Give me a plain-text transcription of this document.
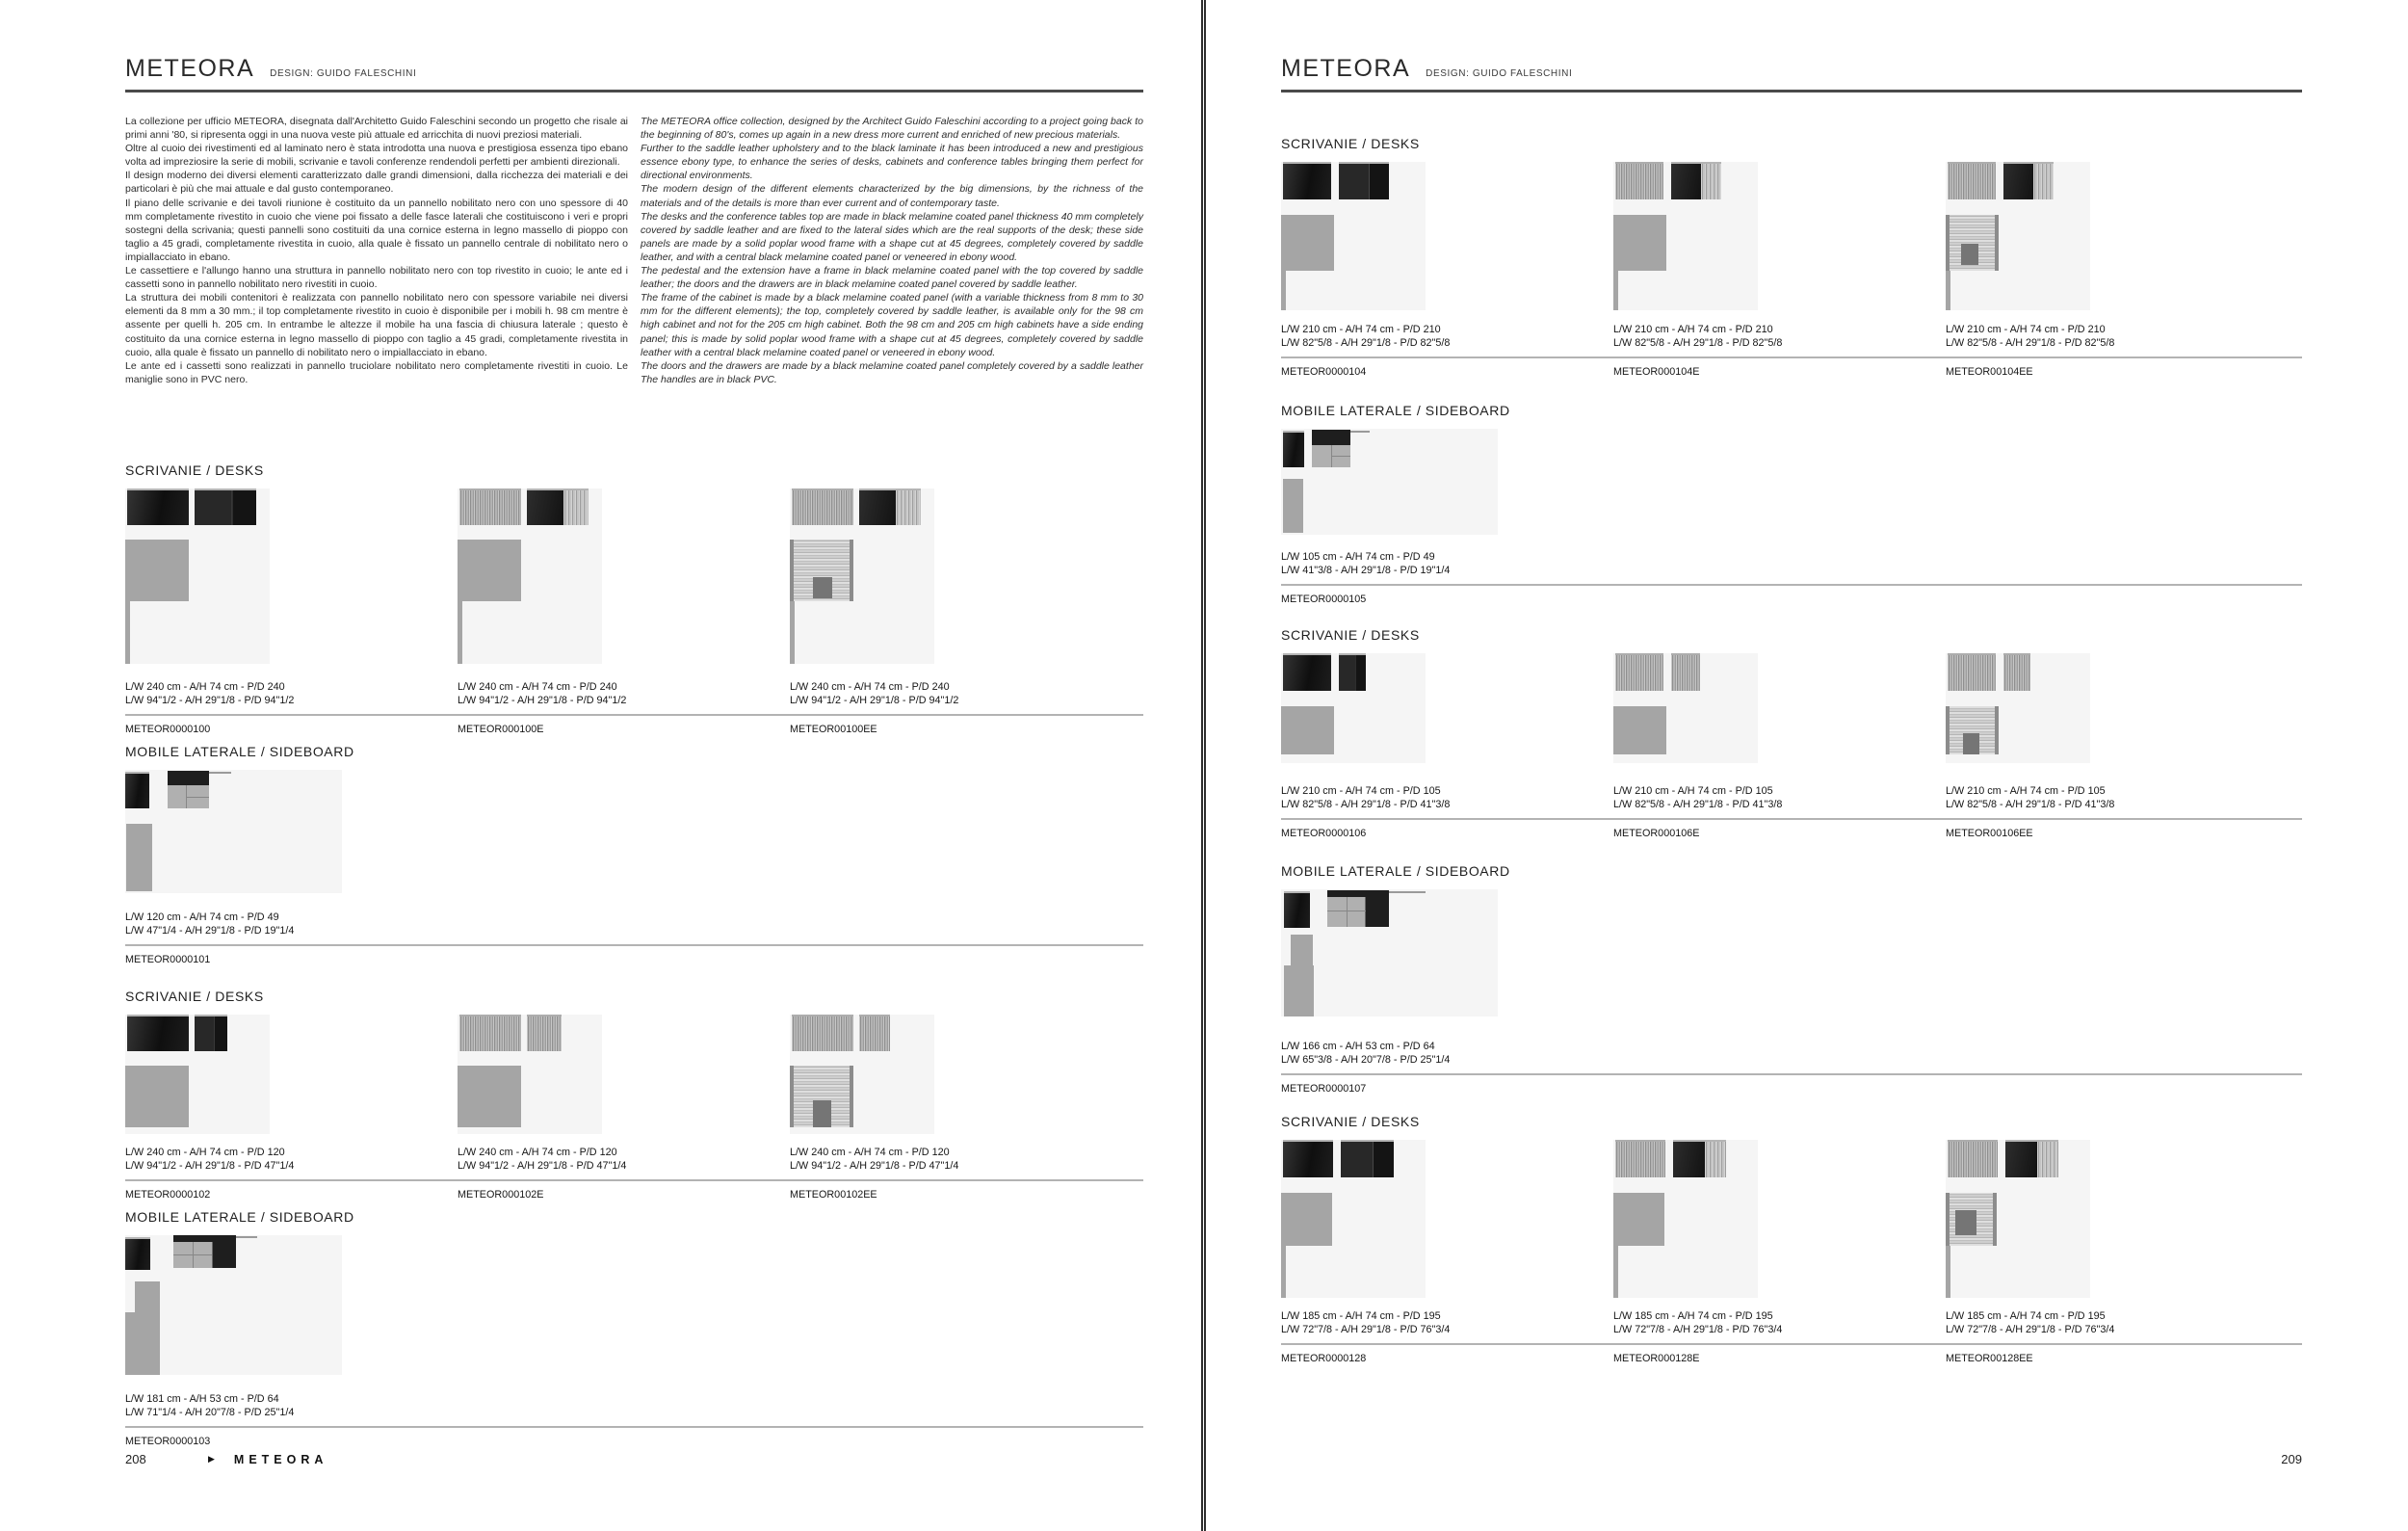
METEORA DESIGN: GUIDO FALESCHINI

La collezione per ufficio METEORA, disegnata dall'Architetto Guido Faleschini secondo un progetto che risale ai primi anni '80, si ripresenta oggi in una nuova veste più attuale ed arricchita di nuovi preziosi materiali.

Oltre al cuoio dei rivestimenti ed al laminato nero è stata introdotta una nuova e prestigiosa essenza tipo ebano volta ad impreziosire la serie di mobili, scrivanie e tavoli conferenze rendendoli perfetti per ambienti direzionali.

Il design moderno dei diversi elementi caratterizzato dalle grandi dimensioni, dalla ricchezza dei materiali e dei particolari è più che mai attuale e dal gusto contemporaneo.

Il piano delle scrivanie e dei tavoli riunione è costituito da un pannello nobilitato nero con uno spessore di 40 mm completamente rivestito in cuoio che viene poi fissato a delle fasce laterali che costituiscono i veri e propri sostegni della scrivania; questi pannelli sono costituiti da una cornice esterna in legno massello di pioppo con taglio a 45 gradi, completamente rivestita in cuoio, alla quale è fissato un pannello centrale di nobilitato nero o impiallacciato in ebano.

Le cassettiere e l'allungo hanno una struttura in pannello nobilitato nero con top rivestito in cuoio; le ante ed i cassetti sono in pannello nobilitato nero rivestiti in cuoio.

La struttura dei mobili contenitori è realizzata con pannello nobilitato nero con spessore variabile nei diversi elementi da 8 mm a 30 mm.; il top completamente rivestito in cuoio è disponibile per i mobili h. 98 cm mentre è assente per quelli h. 205 cm. In entrambe le altezze il mobile ha una fascia di chiusura laterale ; questo è costituito da una cornice esterna in legno massello di pioppo con taglio a 45 gradi, completamente rivestita in cuoio, alla quale è fissato un pannello di nobilitato nero o impiallacciato in ebano.

Le ante ed i cassetti sono realizzati in pannello truciolare nobilitato nero completamente rivestiti in cuoio. Le maniglie sono in PVC nero.

The METEORA office collection, designed by the Architect Guido Faleschini according to a project going back to the beginning of 80's, comes up again in a new dress more current and enriched of new precious materials.

Further to the saddle leather upholstery and to the black laminate it has been introduced a new and prestigious essence ebony type, to enhance the series of desks, cabinets and conference tables bringing them perfect for directional environments.

The modern design of the different elements characterized by the big dimensions, by the richness of the materials and of the details is more than ever current and of contemporary taste.

The desks and the conference tables top are made in black melamine coated panel thickness 40 mm completely covered by saddle leather and are fixed to the lateral sides which are the real supports of the desk; these side panels are made by a solid poplar wood frame with a shape cut at 45 degrees, completely covered by saddle leather, and with a central black melamine coated panel or veneered in ebony wood.

The pedestal and the extension have a frame in black melamine coated panel with the top covered by saddle leather; the doors and the drawers are in black melamine coated panel covered by saddle leather.

The frame of the cabinet is made by a black melamine coated panel (with a variable thickness from 8 mm to 30 mm for the different elements); the top, completely covered by saddle leather, is available only for the 98 cm high cabinet and not for the 205 cm high cabinet. Both the 98 cm and 205 cm high cabinets have a side ending panel; this is made by solid poplar wood frame with a shape cut at 45 degrees, completely covered by saddle leather with a central black melamine coated panel or veneered in ebony wood.

The doors and the drawers are made by a black melamine coated panel completely covered by a saddle leather The handles are in black PVC.

SCRIVANIE / DESKS
L/W 240 cm - A/H 74 cm - P/D 240
L/W 94"1/2 - A/H 29"1/8 - P/D 94"1/2
L/W 240 cm - A/H 74 cm - P/D 240
L/W 94"1/2 - A/H 29"1/8 - P/D 94"1/2
L/W 240 cm - A/H 74 cm - P/D 240
L/W 94"1/2 - A/H 29"1/8 - P/D 94"1/2
METEOR0000100	METEOR000100E	METEOR00100EE
MOBILE LATERALE / SIDEBOARD
L/W 120 cm - A/H 74 cm - P/D 49
L/W 47"1/4 - A/H 29"1/8 - P/D 19"1/4
METEOR0000101
SCRIVANIE / DESKS
L/W 240 cm - A/H 74 cm - P/D 120
L/W 94"1/2 - A/H 29"1/8 - P/D 47"1/4
L/W 240 cm - A/H 74 cm - P/D 120
L/W 94"1/2 - A/H 29"1/8 - P/D 47"1/4
L/W 240 cm - A/H 74 cm - P/D 120
L/W 94"1/2 - A/H 29"1/8 - P/D 47"1/4
METEOR0000102	METEOR000102E	METEOR00102EE
MOBILE LATERALE / SIDEBOARD
L/W 181 cm - A/H 53 cm - P/D 64
L/W 71"1/4 - A/H 20"7/8 - P/D 25"1/4
METEOR0000103
208	▶ METEORA
METEORA DESIGN: GUIDO FALESCHINI
SCRIVANIE / DESKS
L/W 210 cm - A/H 74 cm - P/D 210
L/W 82"5/8 - A/H 29"1/8 - P/D 82"5/8
L/W 210 cm - A/H 74 cm - P/D 210
L/W 82"5/8 - A/H 29"1/8 - P/D 82"5/8
L/W 210 cm - A/H 74 cm - P/D 210
L/W 82"5/8 - A/H 29"1/8 - P/D 82"5/8
METEOR0000104	METEOR000104E	METEOR00104EE
MOBILE LATERALE / SIDEBOARD
L/W 105 cm - A/H 74 cm - P/D 49
L/W 41"3/8 - A/H 29"1/8 - P/D 19"1/4
METEOR0000105
SCRIVANIE / DESKS
L/W 210 cm - A/H 74 cm - P/D 105
L/W 82"5/8 - A/H 29"1/8 - P/D 41"3/8
L/W 210 cm - A/H 74 cm - P/D 105
L/W 82"5/8 - A/H 29"1/8 - P/D 41"3/8
L/W 210 cm - A/H 74 cm - P/D 105
L/W 82"5/8 - A/H 29"1/8 - P/D 41"3/8
METEOR0000106	METEOR000106E	METEOR00106EE
MOBILE LATERALE / SIDEBOARD
L/W 166 cm - A/H 53 cm - P/D 64
L/W 65"3/8 - A/H 20"7/8 - P/D 25"1/4
METEOR0000107
SCRIVANIE / DESKS
L/W 185 cm - A/H 74 cm - P/D 195
L/W 72"7/8 - A/H 29"1/8 - P/D 76"3/4
L/W 185 cm - A/H 74 cm - P/D 195
L/W 72"7/8 - A/H 29"1/8 - P/D 76"3/4
L/W 185 cm - A/H 74 cm - P/D 195
L/W 72"7/8 - A/H 29"1/8 - P/D 76"3/4
METEOR0000128	METEOR000128E	METEOR00128EE
209
